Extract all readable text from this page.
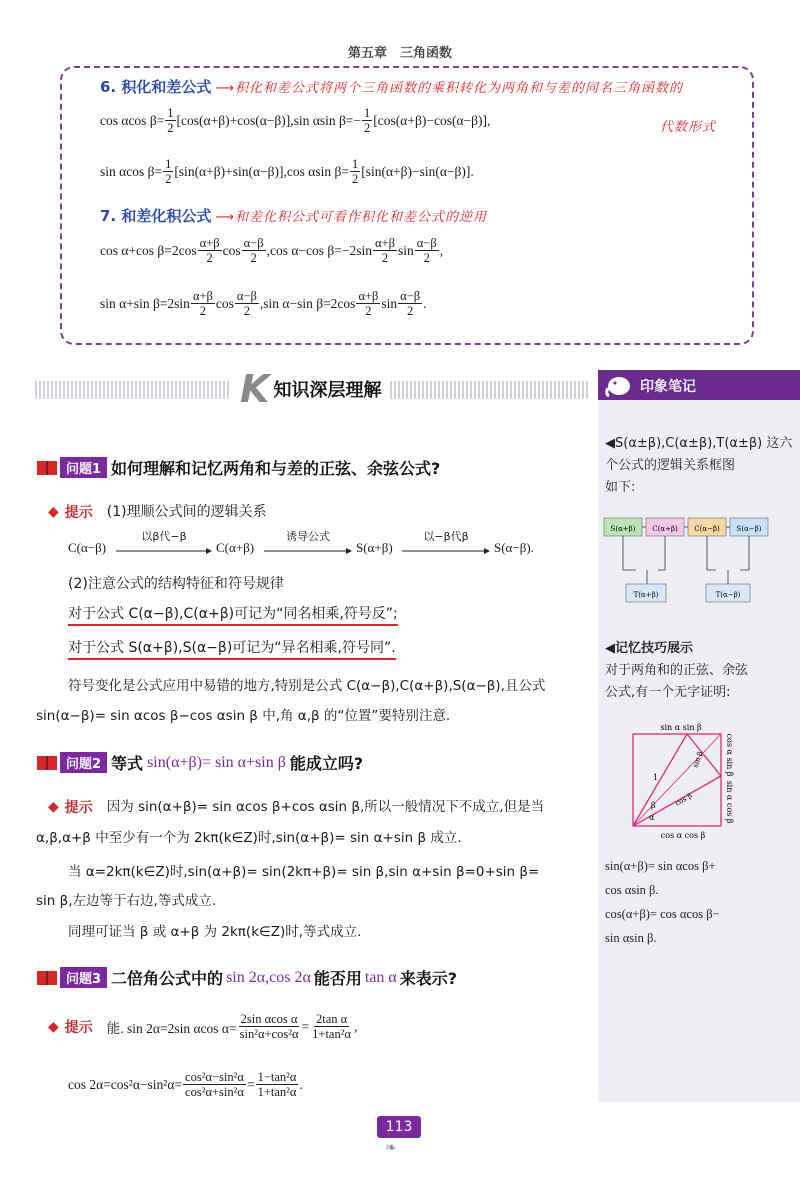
第五章　三角函数
6. 积化和差公式 ⟶积化和差公式将两个三角函数的乘积转化为两角和与差的同名三角函数的
cos αcos $\beta= \frac{1}{2} [\cos(\alpha+\beta)+\cos(\alpha-\beta)],\sin$ αsin $\beta=- \frac{1}{2} [\cos(\alpha+\beta)-\cos(\alpha-\beta)]$,	代数形式
sin αcos $\beta= \frac{1}{2} [\sin(\alpha+\beta)+\sin(\alpha-\beta)],\cos$ αsin $\beta= \frac{1}{2} [\sin(\alpha+\beta)-\sin(\alpha-\beta)]$.
7. 和差化积公式 ⟶和差化积公式可看作积化和差公式的逆用
cos α+cos $\beta=2\cos \frac{\alpha+\beta}{2}$ $\cos \frac{\alpha-\beta}{2} ,\cos$ α−cos $\beta=-2\sin \frac{\alpha+\beta}{2}$ $\sin \frac{\alpha-\beta}{2}$ ,
sin α+sin $\beta=2\sin \frac{\alpha+\beta}{2}$ $\cos \frac{\alpha-\beta}{2} ,\sin$ α−sin $\beta=2\cos \frac{\alpha+\beta}{2}$ $\sin \frac{\alpha-\beta}{2}$ .
K 知识深层理解	印象笔记
◀S(α±β),C(α±β),T(α±β) 这六
个公式的逻辑关系框图
如下:
S(α+β) C(α+β) C(α−β) S(α−β)
T(α+β)	T(α−β)
◀记忆技巧展示
对于两角和的正弦、余弦
公式,有一个无字证明:
sin α sin β
cos α cos β
cos α sin β
sin α cos β
1
sin β
cos β
α
β
sin(α+β)= sin αcos β+
cos αsin β.
cos(α+β)= cos αcos β−
sin αsin β.
问题1 如何理解和记忆两角和与差的正弦、余弦公式?
◆ 提示 (1)理顺公式间的逻辑关系
C(α−β)
以β代−β
C(α+β)
诱导公式
S(α+β)
以−β代β
S(α−β).
(2)注意公式的结构特征和符号规律
对于公式 C(α−β),C(α+β)可记为“同名相乘,符号反”;
对于公式 S(α+β),S(α−β)可记为“异名相乘,符号同”.
符号变化是公式应用中易错的地方,特别是公式 C(α−β),C(α+β),S(α−β),且公式
sin(α−β)= sin αcos β−cos αsin β 中,角 α,β 的“位置”要特别注意.
问题2 等式 sin(α+β)= sin α+sin β 能成立吗?
◆ 提示 因为 sin(α+β)= sin αcos β+cos αsin β,所以一般情况下不成立,但是当
α,β,α+β 中至少有一个为 2kπ(k∈Z)时,sin(α+β)= sin α+sin β 成立.
当 α=2kπ(k∈Z)时,sin(α+β)= sin(2kπ+β)= sin β,sin α+sin β=0+sin β=
sin β,左边等于右边,等式成立.
同理可证当 β 或 α+β 为 2kπ(k∈Z)时,等式成立.
问题3 二倍角公式中的 sin 2α,cos 2α 能否用 tan α 来表示?
◆ 提示 能. sin 2α=2sin αcos $\alpha= \frac{\text{2sin αcos α}}{\text{sin²α+cos²α}} = \frac{\text{2tan α}}{\text{1+tan²α}}$ ,
$\cos 2\alpha=\cos^2\alpha-\sin^2\alpha= \frac{\text{cos²α−sin²α}}{\text{cos²α+sin²α}} = \frac{\text{1−tan²α}}{\text{1+tan²α}}$ .
113
❧
